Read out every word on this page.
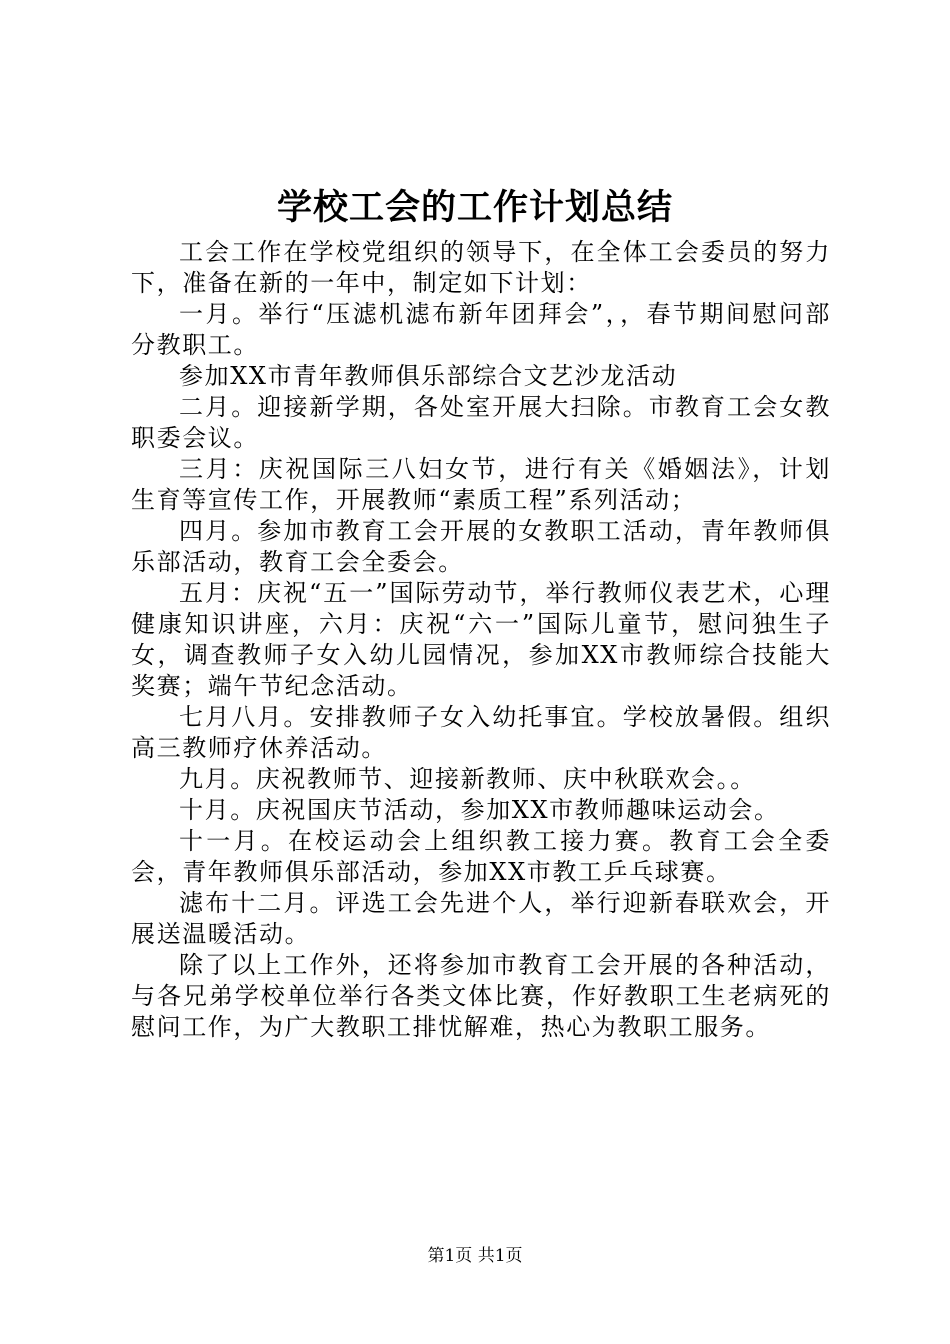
学校工会的工作计划总结

工会工作在学校党组织的领导下，在全体工会委员的努力下，准备在新的一年中，制定如下计划：

一月。举行“压滤机滤布新年团拜会”，，春节期间慰问部分教职工。

参加XX市青年教师俱乐部综合文艺沙龙活动

二月。迎接新学期，各处室开展大扫除。市教育工会女教职委会议。

三月：庆祝国际三八妇女节，进行有关《婚姻法》，计划生育等宣传工作，开展教师“素质工程”系列活动；

四月。参加市教育工会开展的女教职工活动，青年教师俱乐部活动，教育工会全委会。

五月：庆祝“五一”国际劳动节，举行教师仪表艺术，心理健康知识讲座，六月：庆祝“六一”国际儿童节，慰问独生子女，调查教师子女入幼儿园情况，参加XX市教师综合技能大奖赛；端午节纪念活动。

七月八月。安排教师子女入幼托事宜。学校放暑假。组织高三教师疗休养活动。

九月。庆祝教师节、迎接新教师、庆中秋联欢会。。

十月。庆祝国庆节活动，参加XX市教师趣味运动会。

十一月。在校运动会上组织教工接力赛。教育工会全委会，青年教师俱乐部活动，参加XX市教工乒乓球赛。

滤布十二月。评选工会先进个人，举行迎新春联欢会，开展送温暖活动。

除了以上工作外，还将参加市教育工会开展的各种活动，与各兄弟学校单位举行各类文体比赛，作好教职工生老病死的慰问工作，为广大教职工排忧解难，热心为教职工服务。

第1页 共1页
